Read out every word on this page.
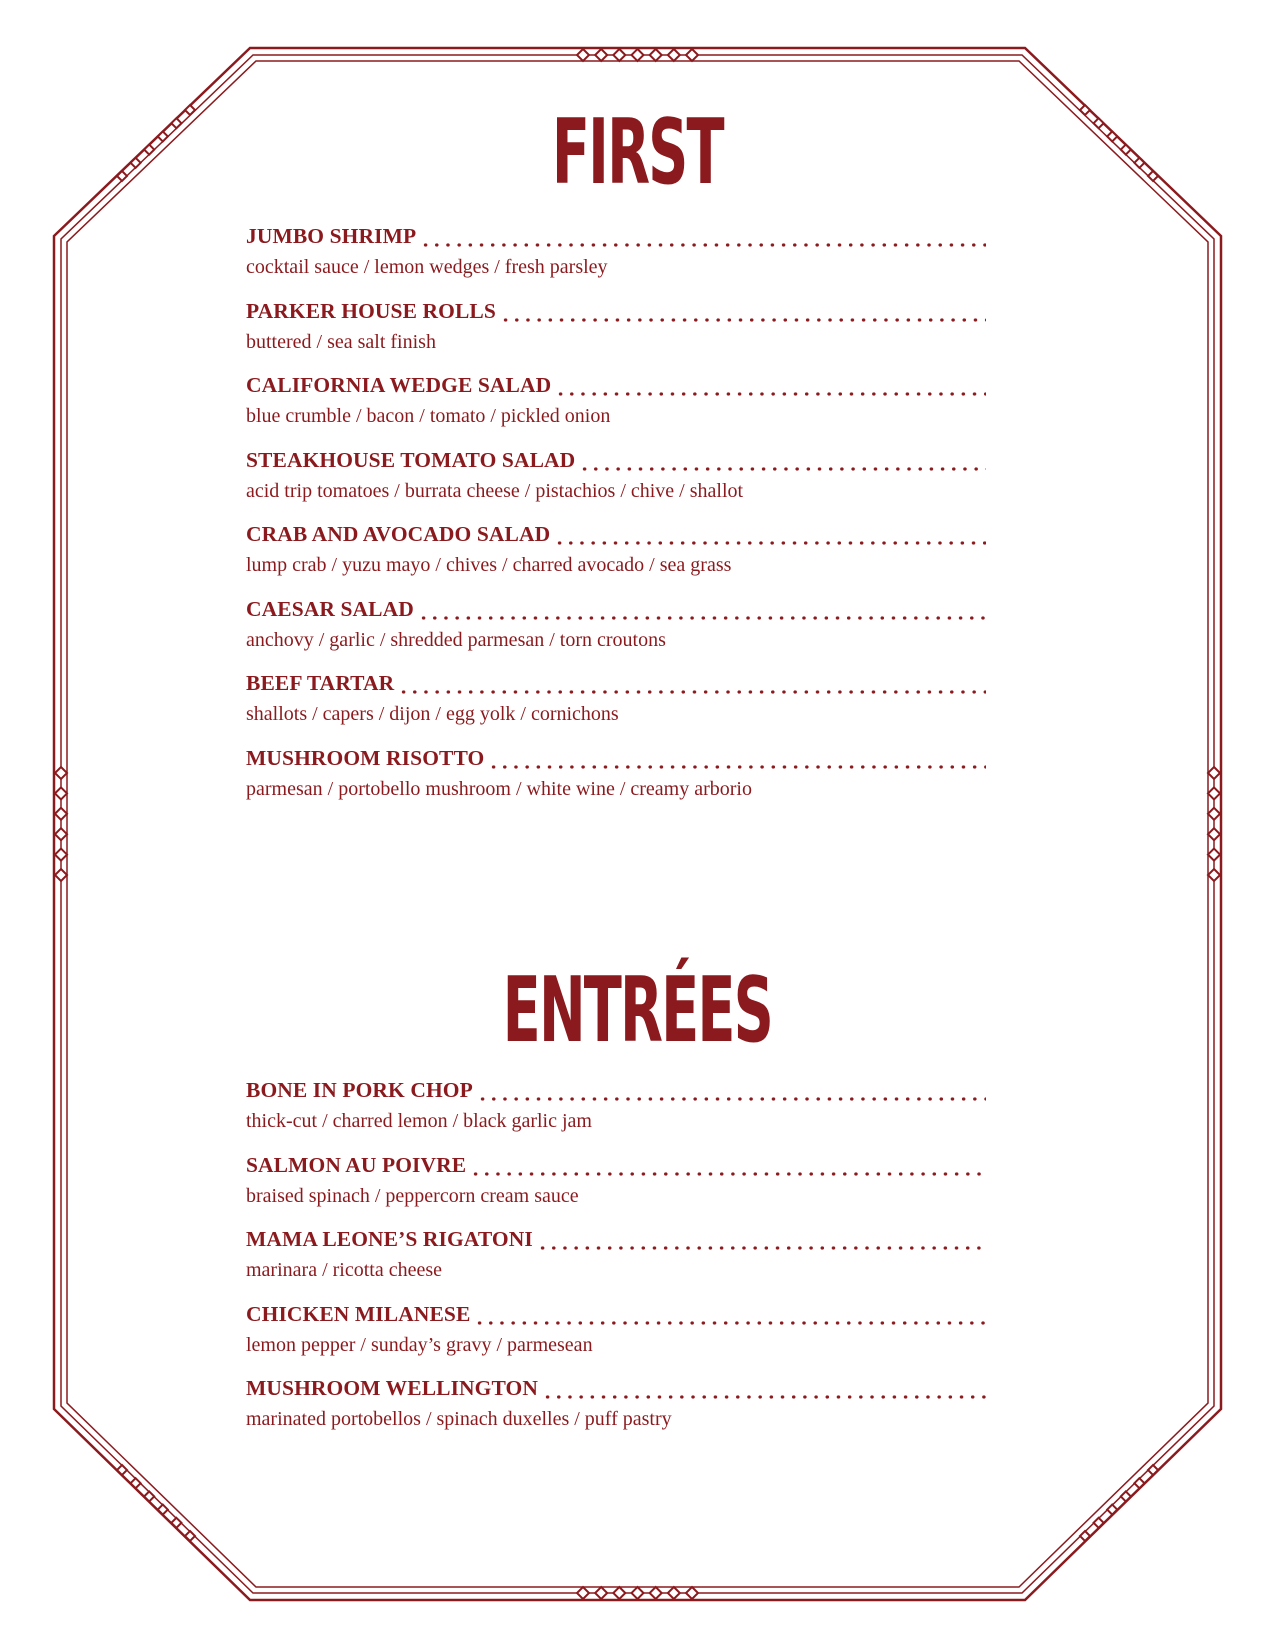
FIRST
JUMBO SHRIMP
cocktail sauce / lemon wedges / fresh parsley
PARKER HOUSE ROLLS
buttered / sea salt finish
CALIFORNIA WEDGE SALAD
blue crumble / bacon / tomato / pickled onion
STEAKHOUSE TOMATO SALAD
acid trip tomatoes / burrata cheese / pistachios / chive / shallot
CRAB AND AVOCADO SALAD
lump crab / yuzu mayo / chives / charred avocado / sea grass
CAESAR SALAD
anchovy / garlic / shredded parmesan / torn croutons
BEEF TARTAR
shallots / capers / dijon / egg yolk / cornichons
MUSHROOM RISOTTO
parmesan / portobello mushroom / white wine / creamy arborio
ENTRÉES
BONE IN PORK CHOP
thick-cut / charred lemon / black garlic jam
SALMON AU POIVRE
braised spinach / peppercorn cream sauce
MAMA LEONE’S RIGATONI
marinara / ricotta cheese
CHICKEN MILANESE
lemon pepper / sunday’s gravy / parmesean
MUSHROOM WELLINGTON
marinated portobellos / spinach duxelles / puff pastry
